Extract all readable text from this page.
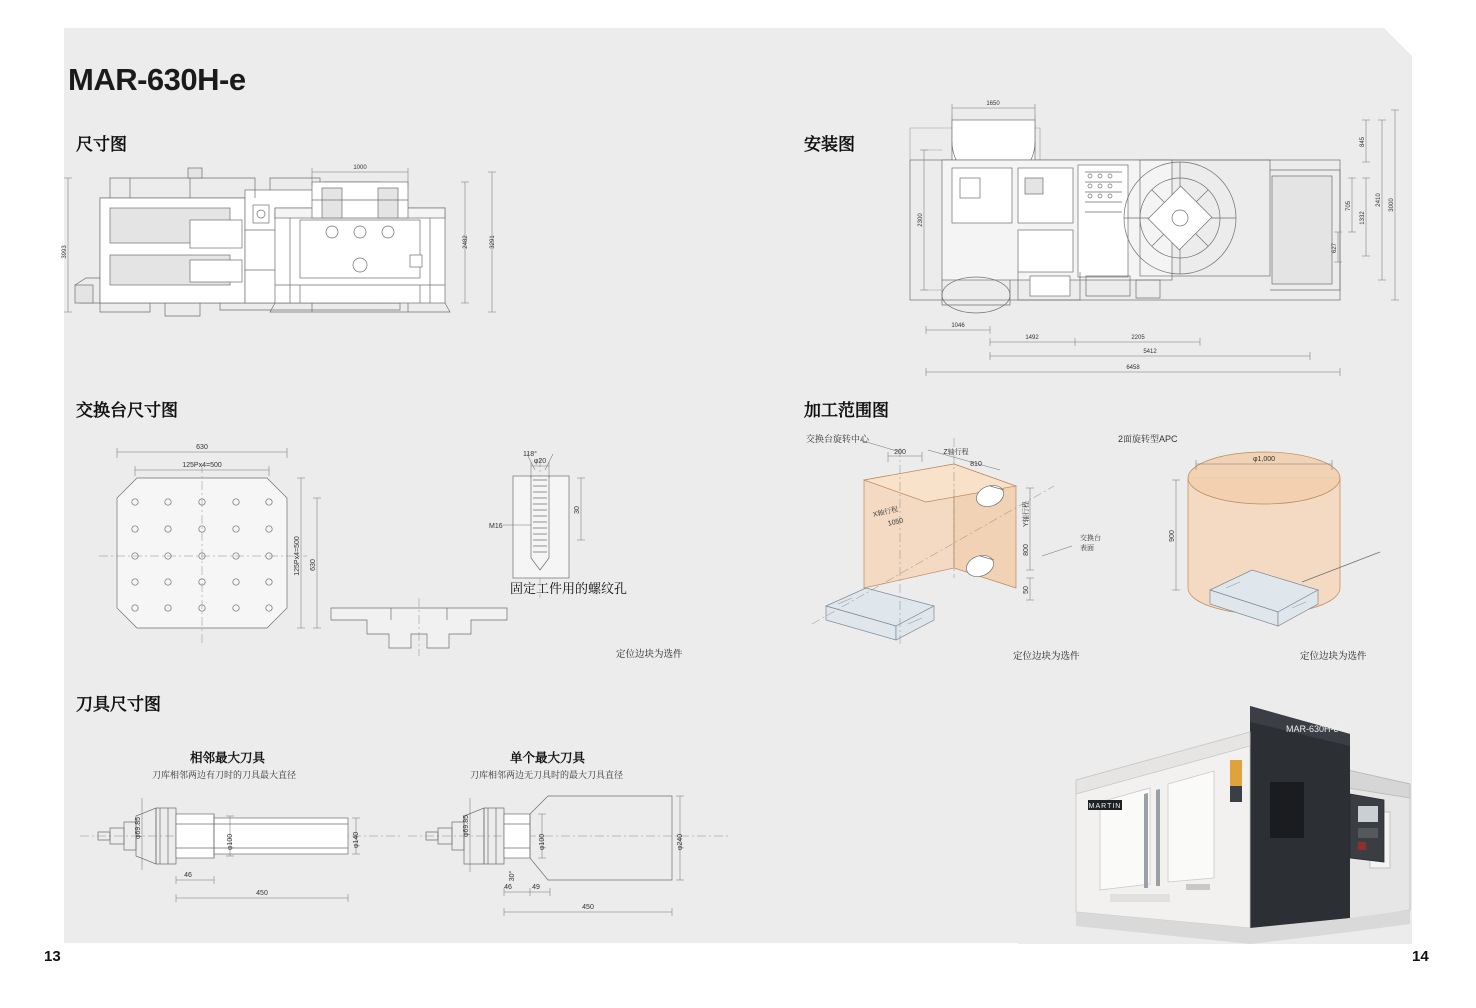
MAR-630H-e
尺寸图	安装图
交换台尺寸图	加工范围图
刀具尺寸图
3993
1000
2482	3291
1650
2300
845
705
1332
627
2410 3000
1046
1492	2205
5412
6458
630
125Px4=500
125Px4=500 630
φ20
118°
30
M16
固定工件用的螺纹孔
定位边块为选件
200	Z轴行程
810
X轴行程
1050	Y轴行程
800
50
交换台
表面
交换台旋转中心
定位边块为选件
φ1,000
900
2面旋转型APC
定位边块为选件
相邻最大刀具
刀库相邻两边有刀时的刀具最大直径
单个最大刀具
刀库相邻两边无刀具时的最大刀具直径
φ69.85
φ100	φ140
46
450
φ69.85
φ100	φ240
30°
46	49
450
MARTIN
MAR-630H-e
13	14
